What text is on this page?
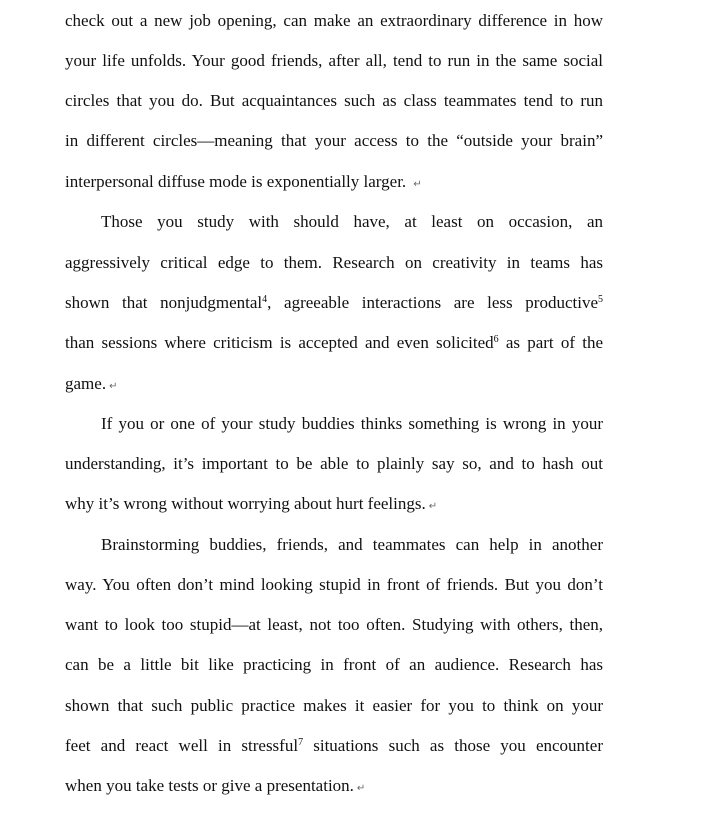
check out a new job opening, can make an extraordinary difference in how

your life unfolds. Your good friends, after all, tend to run in the same social

circles that you do. But acquaintances such as class teammates tend to run

in different circles—meaning that your access to the “outside your brain”

interpersonal diffuse mode is exponentially larger. ↵

Those you study with should have, at least on occasion, an

aggressively critical edge to them. Research on creativity in teams has

shown that nonjudgmental$^4$, agreeable interactions are less productive$^5$

than sessions where criticism is accepted and even solicited$^6$ as part of the

game. ↵

If you or one of your study buddies thinks something is wrong in your

understanding, it’s important to be able to plainly say so, and to hash out

why it’s wrong without worrying about hurt feelings. ↵

Brainstorming buddies, friends, and teammates can help in another

way. You often don’t mind looking stupid in front of friends. But you don’t

want to look too stupid—at least, not too often. Studying with others, then,

can be a little bit like practicing in front of an audience. Research has

shown that such public practice makes it easier for you to think on your

feet and react well in stressful$^7$ situations such as those you encounter

when you take tests or give a presentation. ↵
